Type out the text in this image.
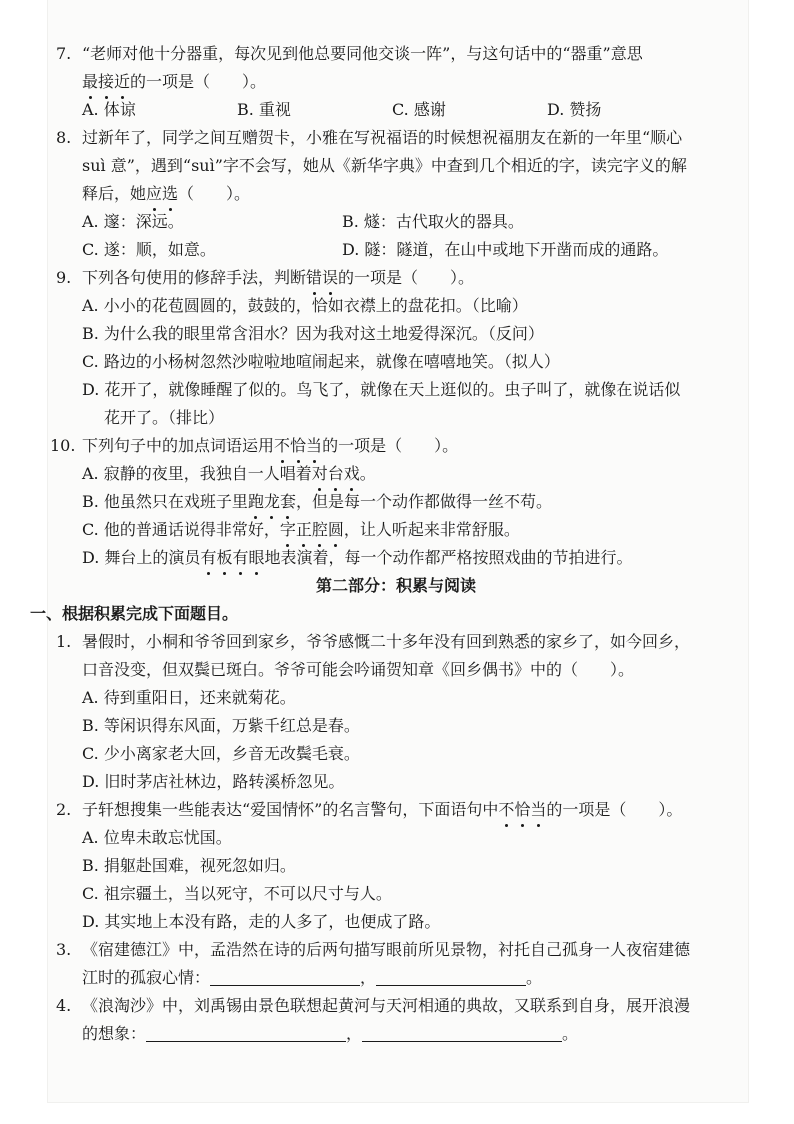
7. “老师对他十分器重，每次见到他总要同他交谈一阵”，与这句话中的“器重”意思
最接近的一项是（　　）。
A. 体谅	B. 重视	C. 感谢	D. 赞扬
8. 过新年了，同学之间互赠贺卡，小雅在写祝福语的时候想祝福朋友在新的一年里“顺心
suì 意”，遇到“suì”字不会写，她从《新华字典》中查到几个相近的字，读完字义的解
释后，她应选（　　）。
A. 邃：深远。	B. 燧：古代取火的器具。
C. 遂：顺，如意。	D. 隧：隧道，在山中或地下开凿而成的通路。
9. 下列各句使用的修辞手法，判断错误的一项是（　　）。
A. 小小的花苞圆圆的，鼓鼓的，恰如衣襟上的盘花扣。（比喻）
B. 为什么我的眼里常含泪水？因为我对这土地爱得深沉。（反问）
C. 路边的小杨树忽然沙啦啦地喧闹起来，就像在嘻嘻地笑。（拟人）
D. 花开了，就像睡醒了似的。鸟飞了，就像在天上逛似的。虫子叫了，就像在说话似
花开了。（排比）
10. 下列句子中的加点词语运用不恰当的一项是（　　）。
A. 寂静的夜里，我独自一人唱着对台戏。
B. 他虽然只在戏班子里跑龙套，但是每一个动作都做得一丝不苟。
C. 他的普通话说得非常好，字正腔圆，让人听起来非常舒服。
D. 舞台上的演员有板有眼地表演着，每一个动作都严格按照戏曲的节拍进行。
第二部分：积累与阅读
一、根据积累完成下面题目。
1. 暑假时，小桐和爷爷回到家乡，爷爷感慨二十多年没有回到熟悉的家乡了，如今回乡，
口音没变，但双鬓已斑白。爷爷可能会吟诵贺知章《回乡偶书》中的（　　）。
A. 待到重阳日，还来就菊花。
B. 等闲识得东风面，万紫千红总是春。
C. 少小离家老大回，乡音无改鬓毛衰。
D. 旧时茅店社林边，路转溪桥忽见。
2. 子轩想搜集一些能表达“爱国情怀”的名言警句，下面语句中不恰当的一项是（　　）。
A. 位卑未敢忘忧国。
B. 捐躯赴国难，视死忽如归。
C. 祖宗疆土，当以死守，不可以尺寸与人。
D. 其实地上本没有路，走的人多了，也便成了路。
3. 《宿建德江》中，孟浩然在诗的后两句描写眼前所见景物，衬托自己孤身一人夜宿建德
江时的孤寂心情：	，	。
4. 《浪淘沙》中，刘禹锡由景色联想起黄河与天河相通的典故，又联系到自身，展开浪漫
的想象：	，	。
